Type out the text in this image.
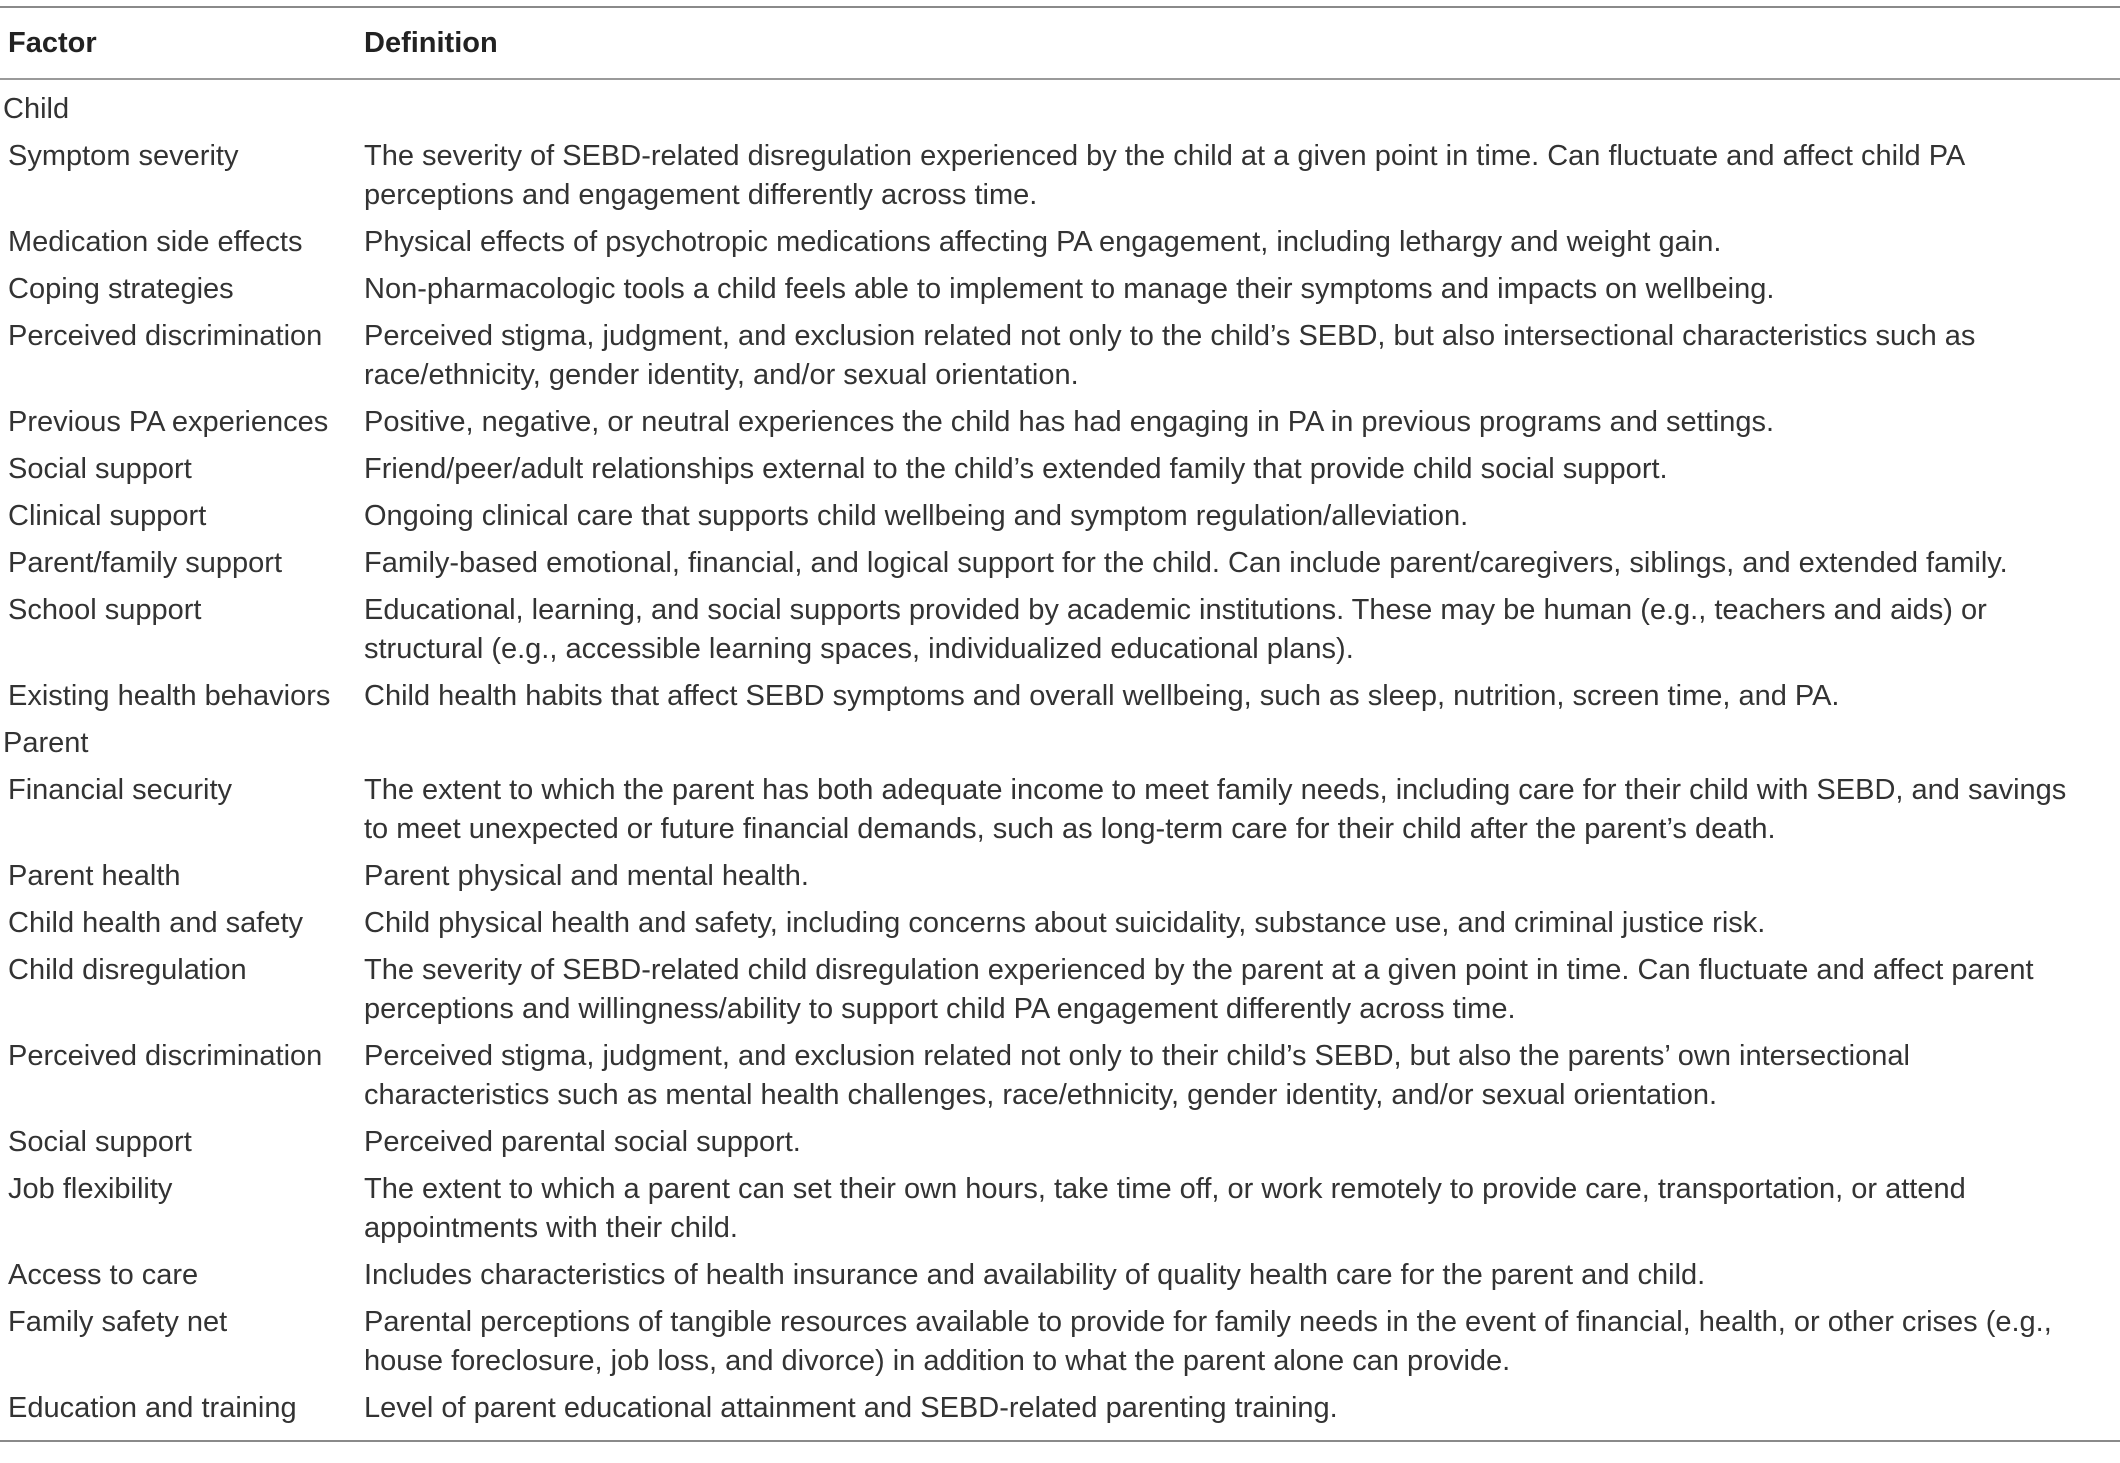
Factor	Definition
Child
Symptom severity	The severity of SEBD-related disregulation experienced by the child at a given point in time. Can fluctuate and affect child PA perceptions and engagement differently across time.
Medication side effects	Physical effects of psychotropic medications affecting PA engagement, including lethargy and weight gain.
Coping strategies	Non-pharmacologic tools a child feels able to implement to manage their symptoms and impacts on wellbeing.
Perceived discrimination	Perceived stigma, judgment, and exclusion related not only to the child’s SEBD, but also intersectional characteristics such as race/ethnicity, gender identity, and/or sexual orientation.
Previous PA experiences	Positive, negative, or neutral experiences the child has had engaging in PA in previous programs and settings.
Social support	Friend/peer/adult relationships external to the child’s extended family that provide child social support.
Clinical support	Ongoing clinical care that supports child wellbeing and symptom regulation/alleviation.
Parent/family support	Family-based emotional, financial, and logical support for the child. Can include parent/caregivers, siblings, and extended family.
School support	Educational, learning, and social supports provided by academic institutions. These may be human (e.g., teachers and aids) or structural (e.g., accessible learning spaces, individualized educational plans).
Existing health behaviors	Child health habits that affect SEBD symptoms and overall wellbeing, such as sleep, nutrition, screen time, and PA.
Parent
Financial security	The extent to which the parent has both adequate income to meet family needs, including care for their child with SEBD, and savings to meet unexpected or future financial demands, such as long-term care for their child after the parent’s death.
Parent health	Parent physical and mental health.
Child health and safety	Child physical health and safety, including concerns about suicidality, substance use, and criminal justice risk.
Child disregulation	The severity of SEBD-related child disregulation experienced by the parent at a given point in time. Can fluctuate and affect parent perceptions and willingness/ability to support child PA engagement differently across time.
Perceived discrimination	Perceived stigma, judgment, and exclusion related not only to their child’s SEBD, but also the parents’ own intersectional characteristics such as mental health challenges, race/ethnicity, gender identity, and/or sexual orientation.
Social support	Perceived parental social support.
Job flexibility	The extent to which a parent can set their own hours, take time off, or work remotely to provide care, transportation, or attend appointments with their child.
Access to care	Includes characteristics of health insurance and availability of quality health care for the parent and child.
Family safety net	Parental perceptions of tangible resources available to provide for family needs in the event of financial, health, or other crises (e.g., house foreclosure, job loss, and divorce) in addition to what the parent alone can provide.
Education and training	Level of parent educational attainment and SEBD-related parenting training.
